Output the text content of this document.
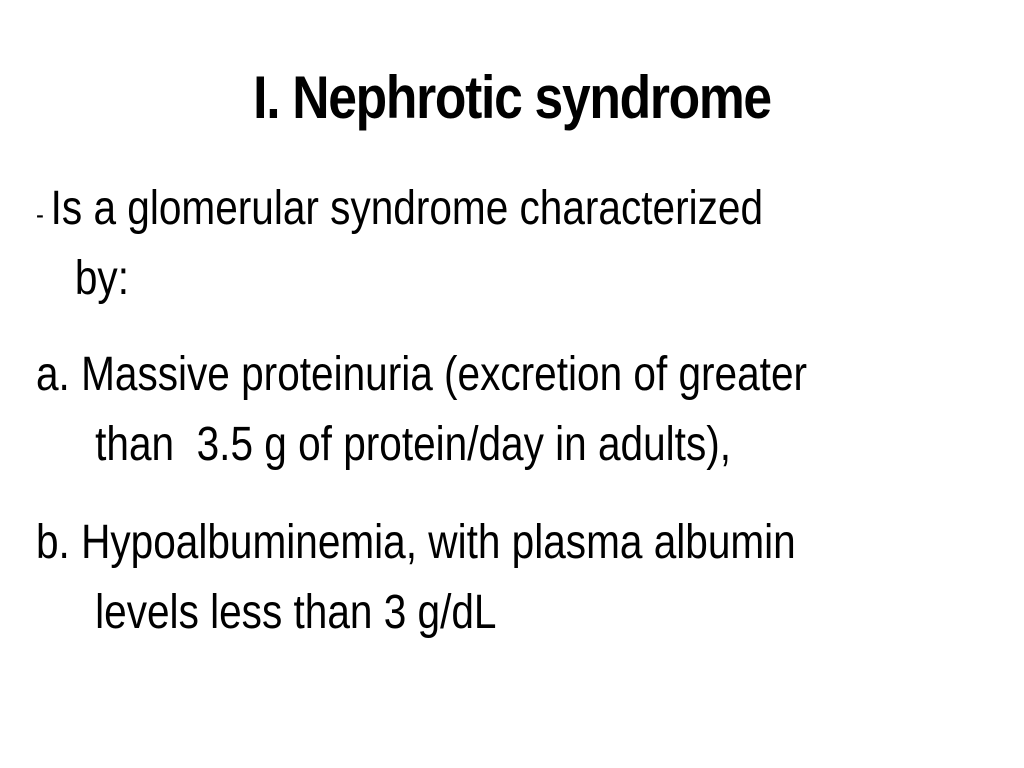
I. Nephrotic syndrome
- Is a glomerular syndrome characterized
by:
a. Massive proteinuria (excretion of greater
than  3.5 g of protein/day in adults),
b. Hypoalbuminemia, with plasma albumin
levels less than 3 g/dL
